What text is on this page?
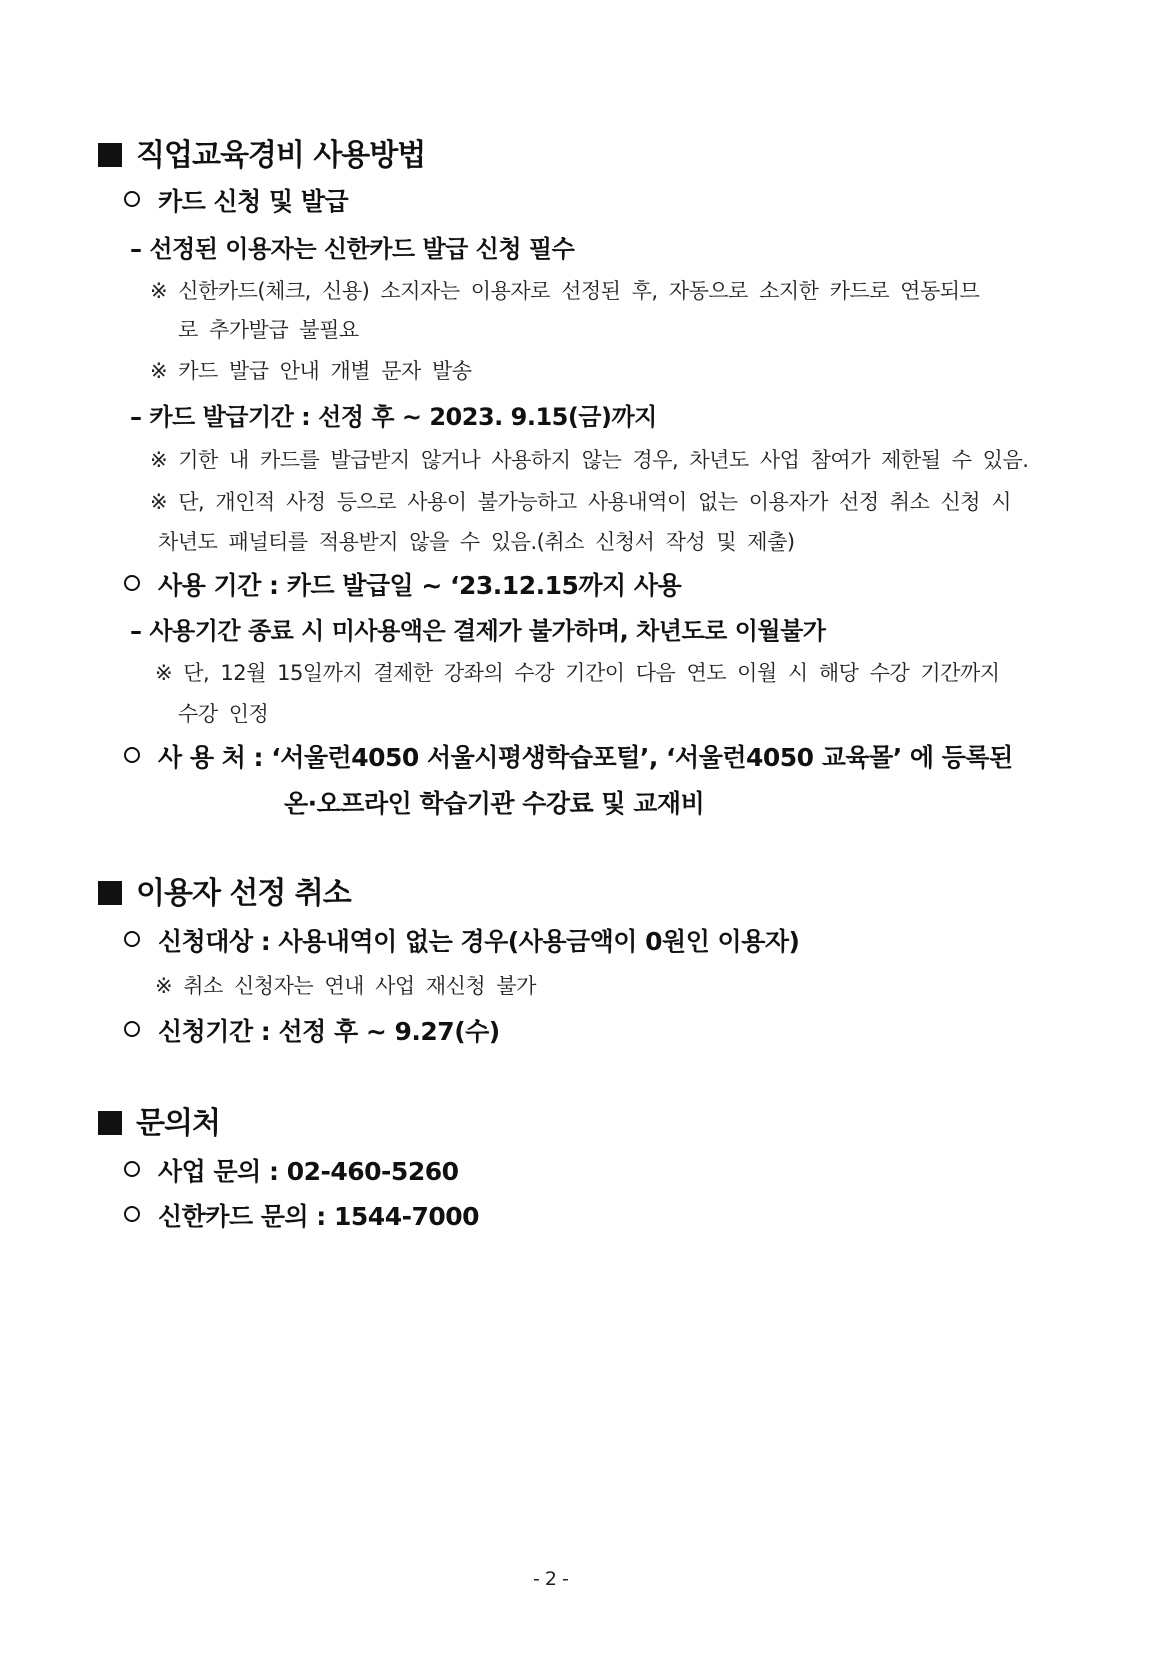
직업교육경비 사용방법
카드 신청 및 발급
– 선정된 이용자는 신한카드 발급 신청 필수
※ 신한카드(체크, 신용) 소지자는 이용자로 선정된 후, 자동으로 소지한 카드로 연동되므
로 추가발급 불필요
※ 카드 발급 안내 개별 문자 발송
– 카드 발급기간 : 선정 후 ~ 2023. 9.15(금)까지
※ 기한 내 카드를 발급받지 않거나 사용하지 않는 경우, 차년도 사업 참여가 제한될 수 있음.
※ 단, 개인적 사정 등으로 사용이 불가능하고 사용내역이 없는 이용자가 선정 취소 신청 시
차년도 패널티를 적용받지 않을 수 있음.(취소 신청서 작성 및 제출)
사용 기간 : 카드 발급일 ~ ‘23.12.15까지 사용
– 사용기간 종료 시 미사용액은 결제가 불가하며, 차년도로 이월불가
※ 단, 12월 15일까지 결제한 강좌의 수강 기간이 다음 연도 이월 시 해당 수강 기간까지
수강 인정
사 용 처 : ‘서울런4050 서울시평생학습포털’, ‘서울런4050 교육몰’ 에 등록된
온·오프라인 학습기관 수강료 및 교재비
이용자 선정 취소
신청대상 : 사용내역이 없는 경우(사용금액이 0원인 이용자)
※ 취소 신청자는 연내 사업 재신청 불가
신청기간 : 선정 후 ~ 9.27(수)
문의처
사업 문의 : 02-460-5260
신한카드 문의 : 1544-7000
- 2 -
